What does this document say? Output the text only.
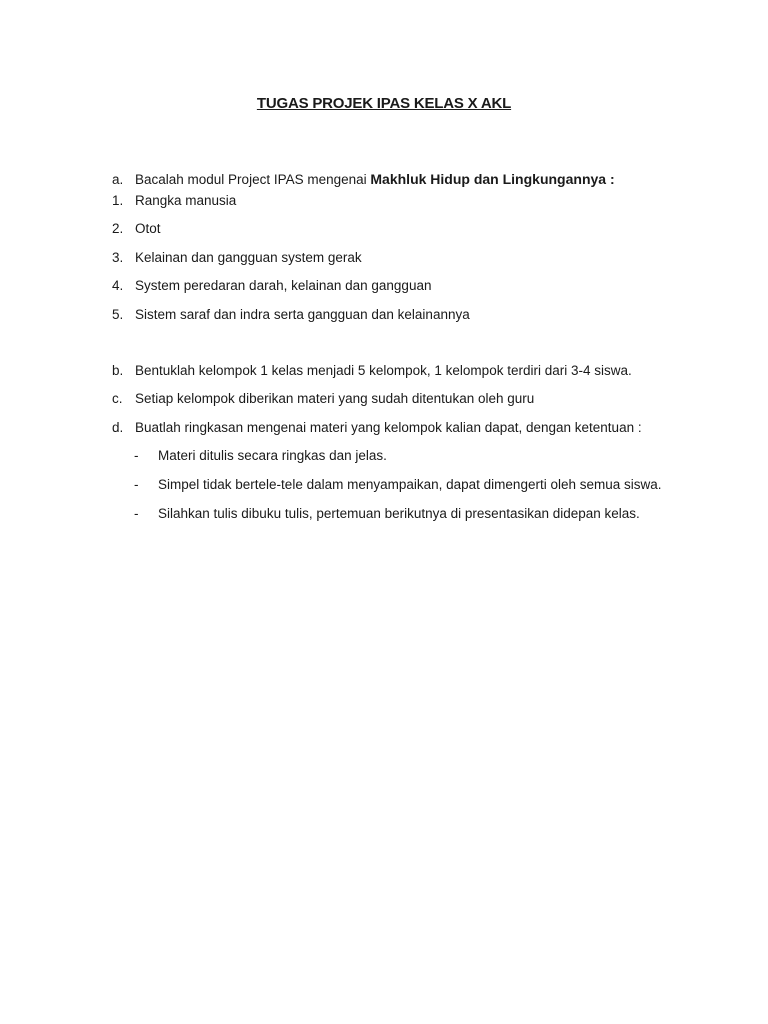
TUGAS PROJEK IPAS KELAS X AKL
a. Bacalah modul Project IPAS mengenai Makhluk Hidup dan Lingkungannya :
1. Rangka manusia
2. Otot
3. Kelainan dan gangguan system gerak
4. System peredaran darah, kelainan dan gangguan
5. Sistem saraf dan indra serta gangguan dan kelainannya
b. Bentuklah kelompok 1 kelas menjadi 5 kelompok, 1 kelompok terdiri dari 3-4 siswa.
c. Setiap kelompok diberikan materi yang sudah ditentukan oleh guru
d. Buatlah ringkasan mengenai materi yang kelompok kalian dapat, dengan ketentuan :
- Materi ditulis secara ringkas dan jelas.
- Simpel tidak bertele-tele dalam menyampaikan, dapat dimengerti oleh semua siswa.
- Silahkan tulis dibuku tulis, pertemuan berikutnya di presentasikan didepan kelas.
